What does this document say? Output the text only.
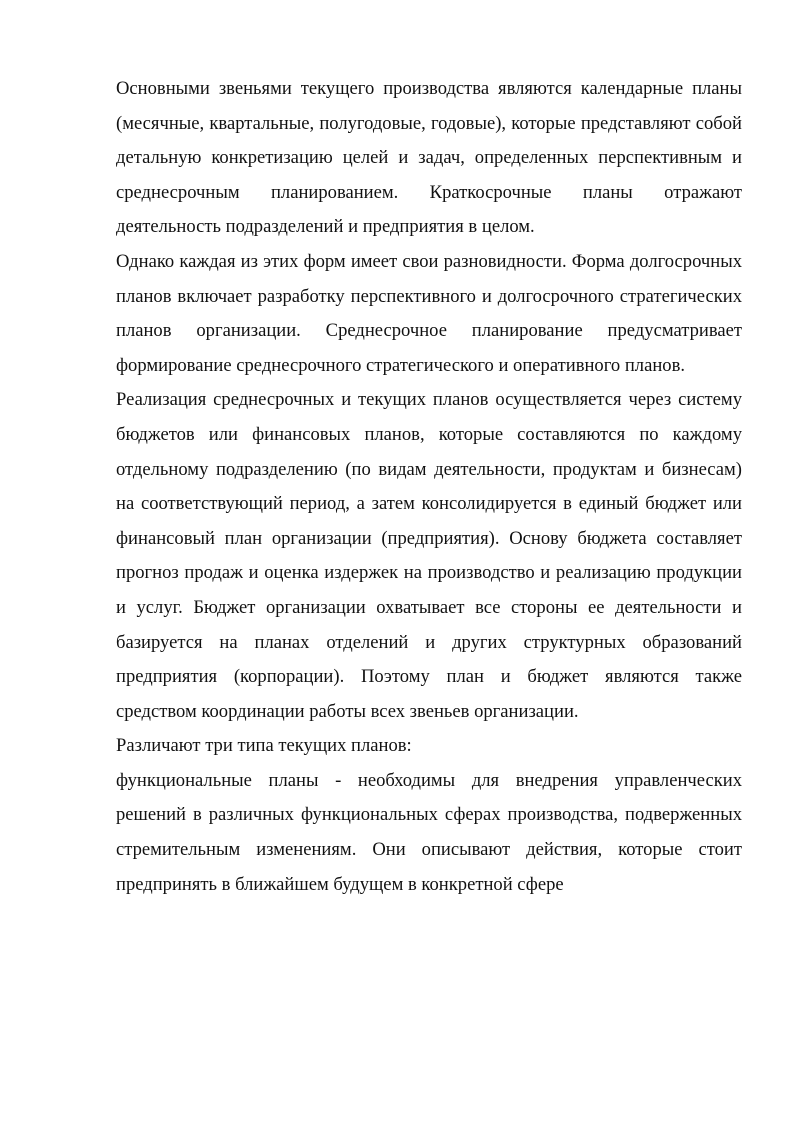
Основными звеньями текущего производства являются календарные планы (месячные, квартальные, полугодовые, годовые), которые представляют собой детальную конкретизацию целей и задач, определенных перспективным и среднесрочным планированием. Краткосрочные планы отражают деятельность подразделений и предприятия в целом.

Однако каждая из этих форм имеет свои разновидности. Форма долгосрочных планов включает разработку перспективного и долгосрочного стратегических планов организации. Среднесрочное планирование предусматривает формирование среднесрочного стратегического и оперативного планов.

Реализация среднесрочных и текущих планов осуществляется через систему бюджетов или финансовых планов, которые составляются по каждому отдельному подразделению (по видам деятельности, продуктам и бизнесам) на соответствующий период, а затем консолидируется в единый бюджет или финансовый план организации (предприятия). Основу бюджета составляет прогноз продаж и оценка издержек на производство и реализацию продукции и услуг. Бюджет организации охватывает все стороны ее деятельности и базируется на планах отделений и других структурных образований предприятия (корпорации). Поэтому план и бюджет являются также средством координации работы всех звеньев организации.

Различают три типа текущих планов:

функциональные планы - необходимы для внедрения управленческих решений в различных функциональных сферах производства, подверженных стремительным изменениям. Они описывают действия, которые стоит предпринять в ближайшем будущем в конкретной сфере
